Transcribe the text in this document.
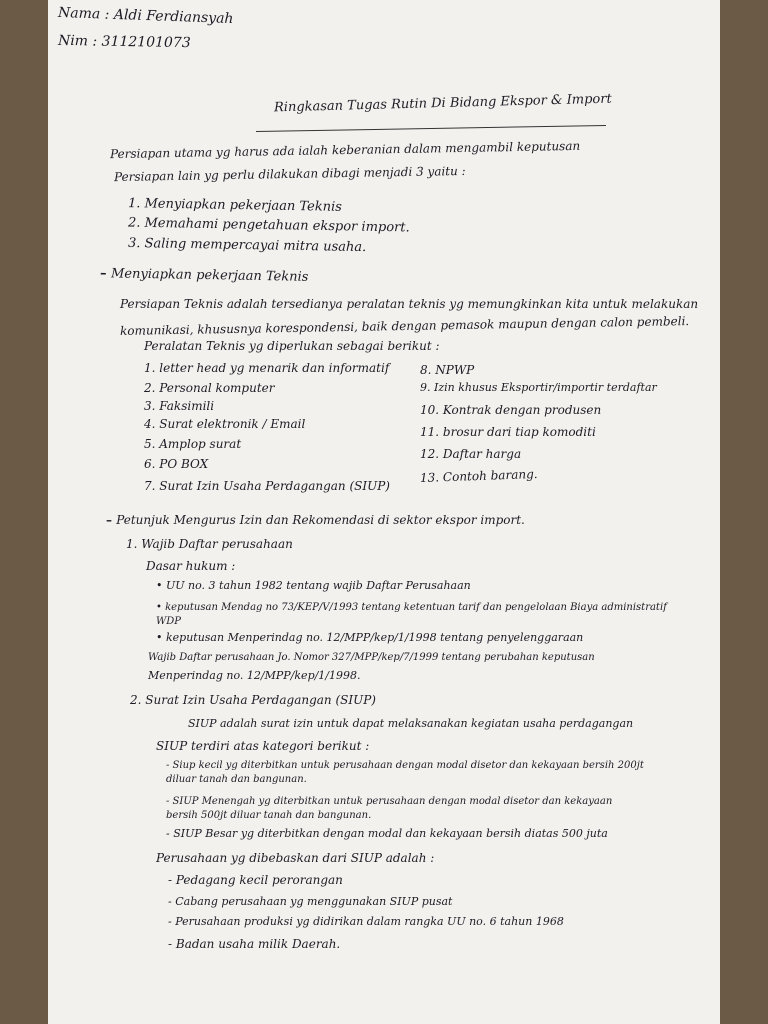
Nama : Aldi Ferdiansyah
Nim : 3112101073
Ringkasan Tugas Rutin Di Bidang Ekspor & Import
Persiapan utama yg harus ada ialah keberanian dalam mengambil keputusan
Persiapan lain yg perlu dilakukan dibagi menjadi 3 yaitu :
1. Menyiapkan pekerjaan Teknis
2. Memahami pengetahuan ekspor import.
3. Saling mempercayai mitra usaha.
– Menyiapkan pekerjaan Teknis
Persiapan Teknis adalah tersedianya peralatan teknis yg memungkinkan kita untuk melakukan
komunikasi, khususnya korespondensi, baik dengan pemasok maupun dengan calon pembeli.
Peralatan Teknis yg diperlukan sebagai berikut :
1. letter head yg menarik dan informatif
2. Personal komputer
3. Faksimili
4. Surat elektronik / Email
5. Amplop surat
6. PO BOX
7. Surat Izin Usaha Perdagangan (SIUP)
8. NPWP
9. Izin khusus Eksportir/importir terdaftar
10. Kontrak dengan produsen
11. brosur dari tiap komoditi
12. Daftar harga
13. Contoh barang.
– Petunjuk Mengurus Izin dan Rekomendasi di sektor ekspor import.
1. Wajib Daftar perusahaan
Dasar hukum :
• UU no. 3 tahun 1982 tentang wajib Daftar Perusahaan
• keputusan Mendag no 73/KEP/V/1993 tentang ketentuan tarif dan pengelolaan Biaya administratif
WDP
• keputusan Menperindag no. 12/MPP/kep/1/1998 tentang penyelenggaraan
Wajib Daftar perusahaan Jo. Nomor 327/MPP/kep/7/1999 tentang perubahan keputusan
Menperindag no. 12/MPP/kep/1/1998.
2. Surat Izin Usaha Perdagangan (SIUP)
SIUP adalah surat izin untuk dapat melaksanakan kegiatan usaha perdagangan
SIUP terdiri atas kategori berikut :
- Siup kecil yg diterbitkan untuk perusahaan dengan modal disetor dan kekayaan bersih 200jt
diluar tanah dan bangunan.
- SIUP Menengah yg diterbitkan untuk perusahaan dengan modal disetor dan kekayaan
bersih 500jt diluar tanah dan bangunan.
- SIUP Besar yg diterbitkan dengan modal dan kekayaan bersih diatas 500 juta
Perusahaan yg dibebaskan dari SIUP adalah :
- Pedagang kecil perorangan
- Cabang perusahaan yg menggunakan SIUP pusat
- Perusahaan produksi yg didirikan dalam rangka UU no. 6 tahun 1968
- Badan usaha milik Daerah.
